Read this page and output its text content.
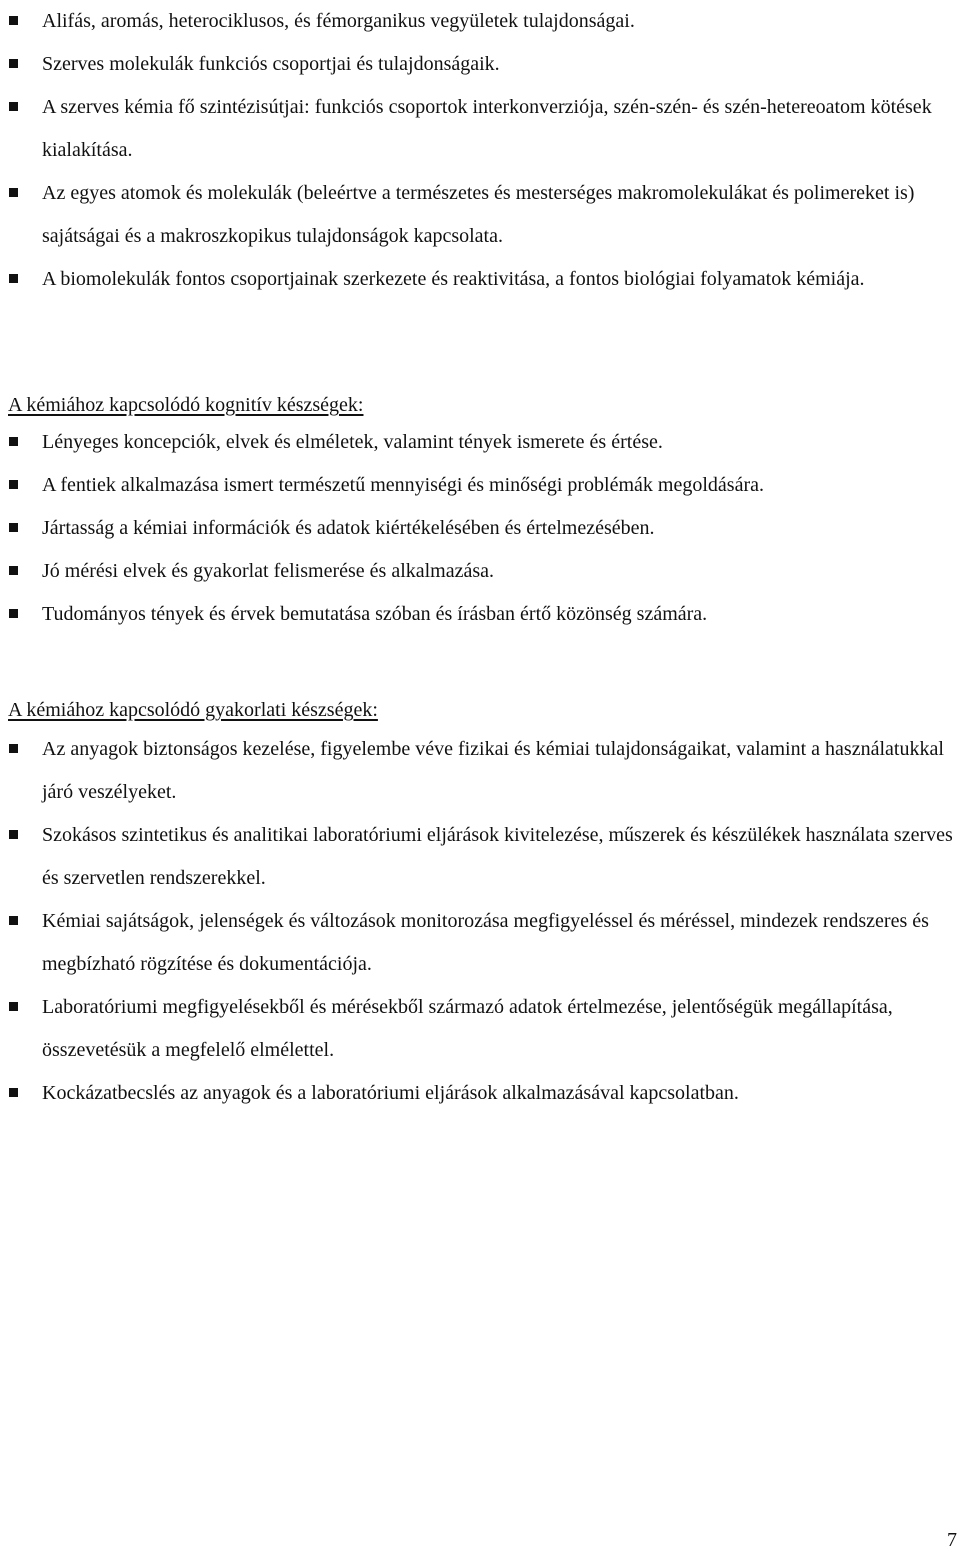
Alifás, aromás, heterociklusos, és fémorganikus vegyületek tulajdonságai.
Szerves molekulák funkciós csoportjai és tulajdonságaik.
A szerves kémia fő szintézisútjai: funkciós csoportok interkonverziója, szén-szén- és szén-hetereoatom kötések kialakítása.
Az egyes atomok és molekulák (beleértve a természetes és mesterséges makromolekulákat és polimereket is) sajátságai és a makroszkopikus tulajdonságok kapcsolata.
A biomolekulák fontos csoportjainak szerkezete és reaktivitása, a fontos biológiai folyamatok kémiája.
A kémiához kapcsolódó kognitív készségek:
Lényeges koncepciók, elvek és elméletek, valamint tények ismerete és értése.
A fentiek alkalmazása ismert természetű mennyiségi és minőségi problémák megoldására.
Jártasság a kémiai információk és adatok kiértékelésében és értelmezésében.
Jó mérési elvek és gyakorlat felismerése és alkalmazása.
Tudományos tények és érvek bemutatása szóban és írásban értő közönség számára.
A kémiához kapcsolódó gyakorlati készségek:
Az anyagok biztonságos kezelése, figyelembe véve fizikai és kémiai tulajdonságaikat, valamint a használatukkal járó veszélyeket.
Szokásos szintetikus és analitikai laboratóriumi eljárások kivitelezése, műszerek és készülékek használata szerves és szervetlen rendszerekkel.
Kémiai sajátságok, jelenségek és változások monitorozása megfigyeléssel és méréssel, mindezek rendszeres és megbízható rögzítése és dokumentációja.
Laboratóriumi megfigyelésekből és mérésekből származó adatok értelmezése, jelentőségük megállapítása, összevetésük a megfelelő elmélettel.
Kockázatbecslés az anyagok és a laboratóriumi eljárások alkalmazásával kapcsolatban.
7
